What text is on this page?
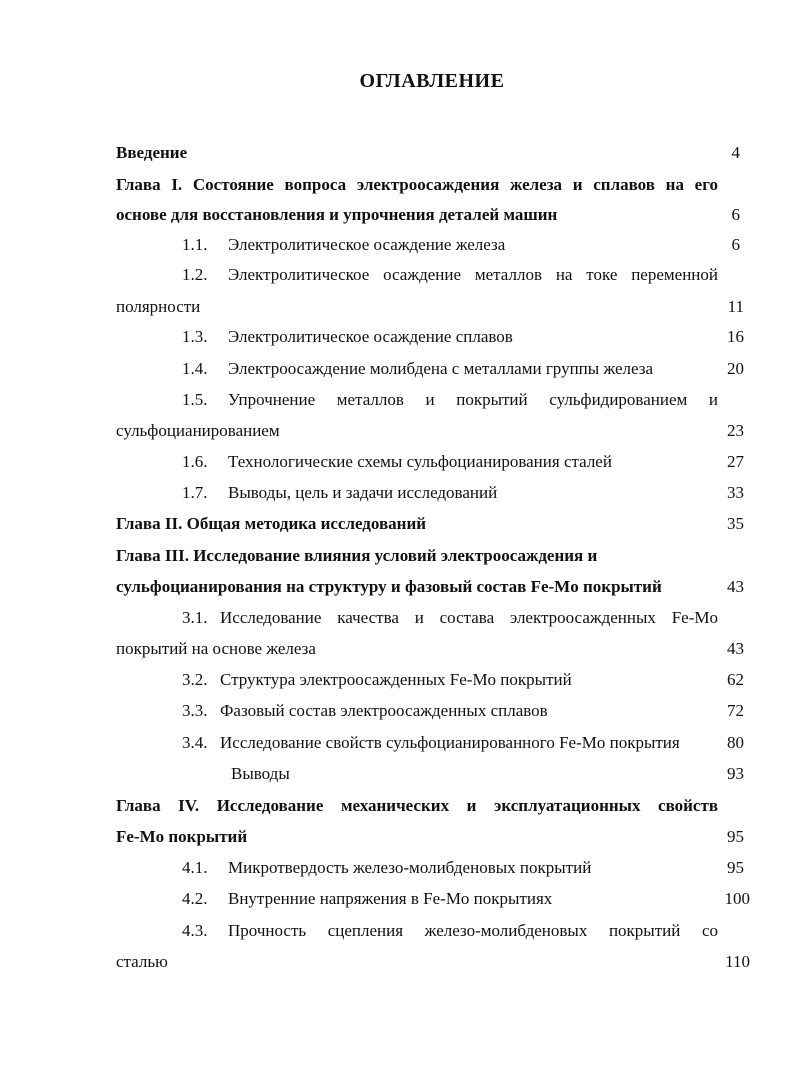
ОГЛАВЛЕНИЕ
Введение	4
Глава I. Состояние вопроса электроосаждения железа и сплавов на его
основе для восстановления и упрочнения деталей машин	6
1.1. Электролитическое осаждение железа	6
1.2. Электролитическое осаждение металлов на токе переменной
полярности	11
1.3. Электролитическое осаждение сплавов	16
1.4. Электроосаждение молибдена с металлами группы железа	20
1.5. Упрочнение металлов и покрытий сульфидированием и
сульфоцианированием	23
1.6. Технологические схемы сульфоцианирования сталей	27
1.7. Выводы, цель и задачи исследований	33
Глава II. Общая методика исследований	35
Глава III. Исследование влияния условий электроосаждения и
сульфоцианирования на структуру и фазовый состав Fe-Mo покрытий	43
3.1. Исследование качества и состава электроосажденных Fe-Mo
покрытий на основе железа	43
3.2. Структура электроосажденных Fe-Mo покрытий	62
3.3. Фазовый состав электроосажденных сплавов	72
3.4. Исследование свойств сульфоцианированного Fe-Mo покрытия	80
Выводы	93
Глава IV. Исследование механических и эксплуатационных свойств
Fe-Mo покрытий	95
4.1. Микротвердость железо-молибденовых покрытий	95
4.2. Внутренние напряжения в Fe-Mo покрытиях	100
4.3. Прочность сцепления железо-молибденовых покрытий со
сталью	110
